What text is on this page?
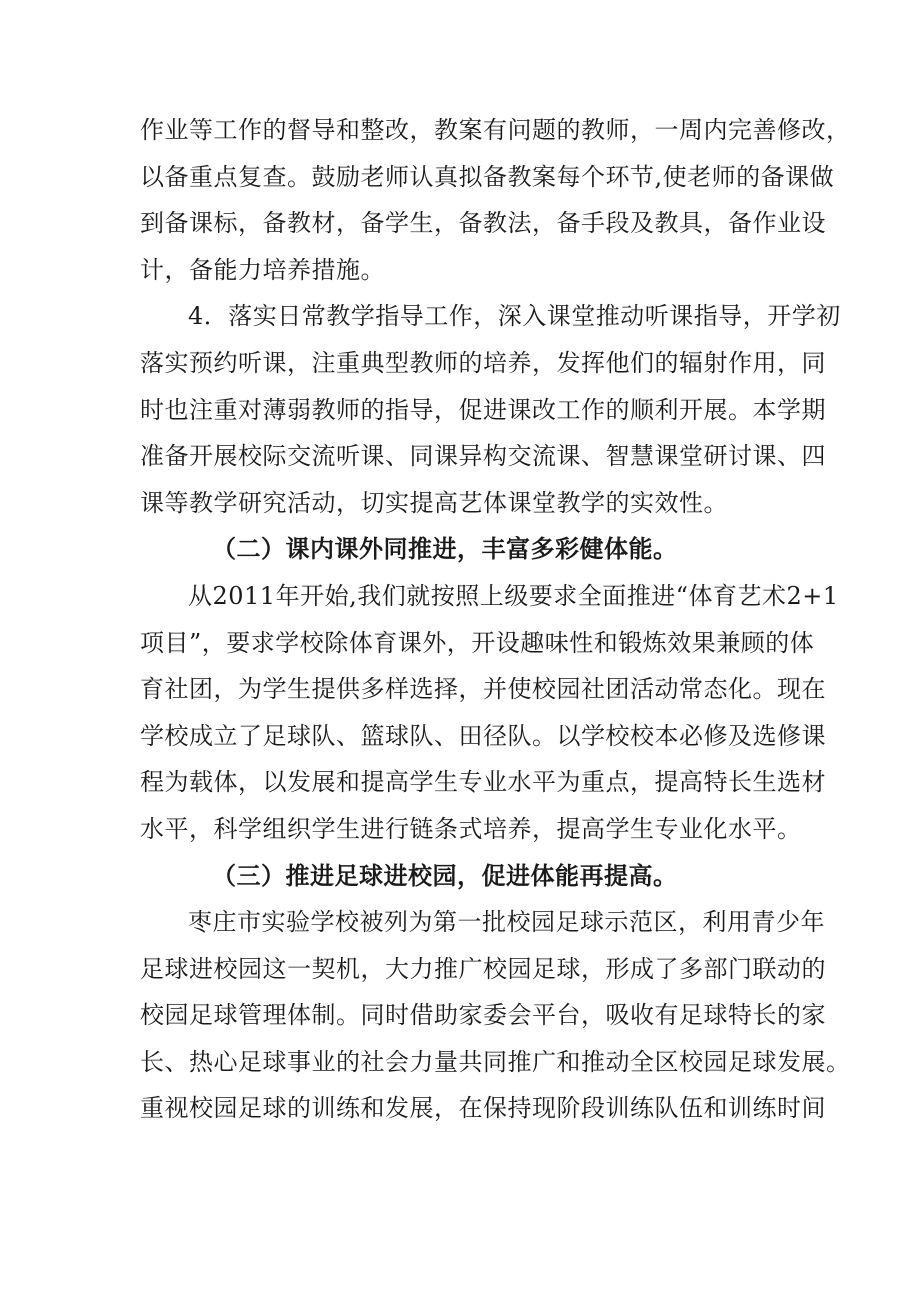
作业等工作的督导和整改，教案有问题的教师，一周内完善修改，
以备重点复查。鼓励老师认真拟备教案每个环节,使老师的备课做
到备课标，备教材，备学生，备教法，备手段及教具，备作业设
计，备能力培养措施。
4．落实日常教学指导工作，深入课堂推动听课指导，开学初
落实预约听课，注重典型教师的培养，发挥他们的辐射作用，同
时也注重对薄弱教师的指导，促进课改工作的顺利开展。本学期
准备开展校际交流听课、同课异构交流课、智慧课堂研讨课、四
课等教学研究活动，切实提高艺体课堂教学的实效性。
（二）课内课外同推进，丰富多彩健体能。
从2011年开始,我们就按照上级要求全面推进“体育艺术2+1
项目”，要求学校除体育课外，开设趣味性和锻炼效果兼顾的体
育社团，为学生提供多样选择，并使校园社团活动常态化。现在
学校成立了足球队、篮球队、田径队。以学校校本必修及选修课
程为载体，以发展和提高学生专业水平为重点，提高特长生选材
水平，科学组织学生进行链条式培养，提高学生专业化水平。
（三）推进足球进校园，促进体能再提高。
枣庄市实验学校被列为第一批校园足球示范区，利用青少年
足球进校园这一契机，大力推广校园足球，形成了多部门联动的
校园足球管理体制。同时借助家委会平台，吸收有足球特长的家
长、热心足球事业的社会力量共同推广和推动全区校园足球发展。
重视校园足球的训练和发展，在保持现阶段训练队伍和训练时间
